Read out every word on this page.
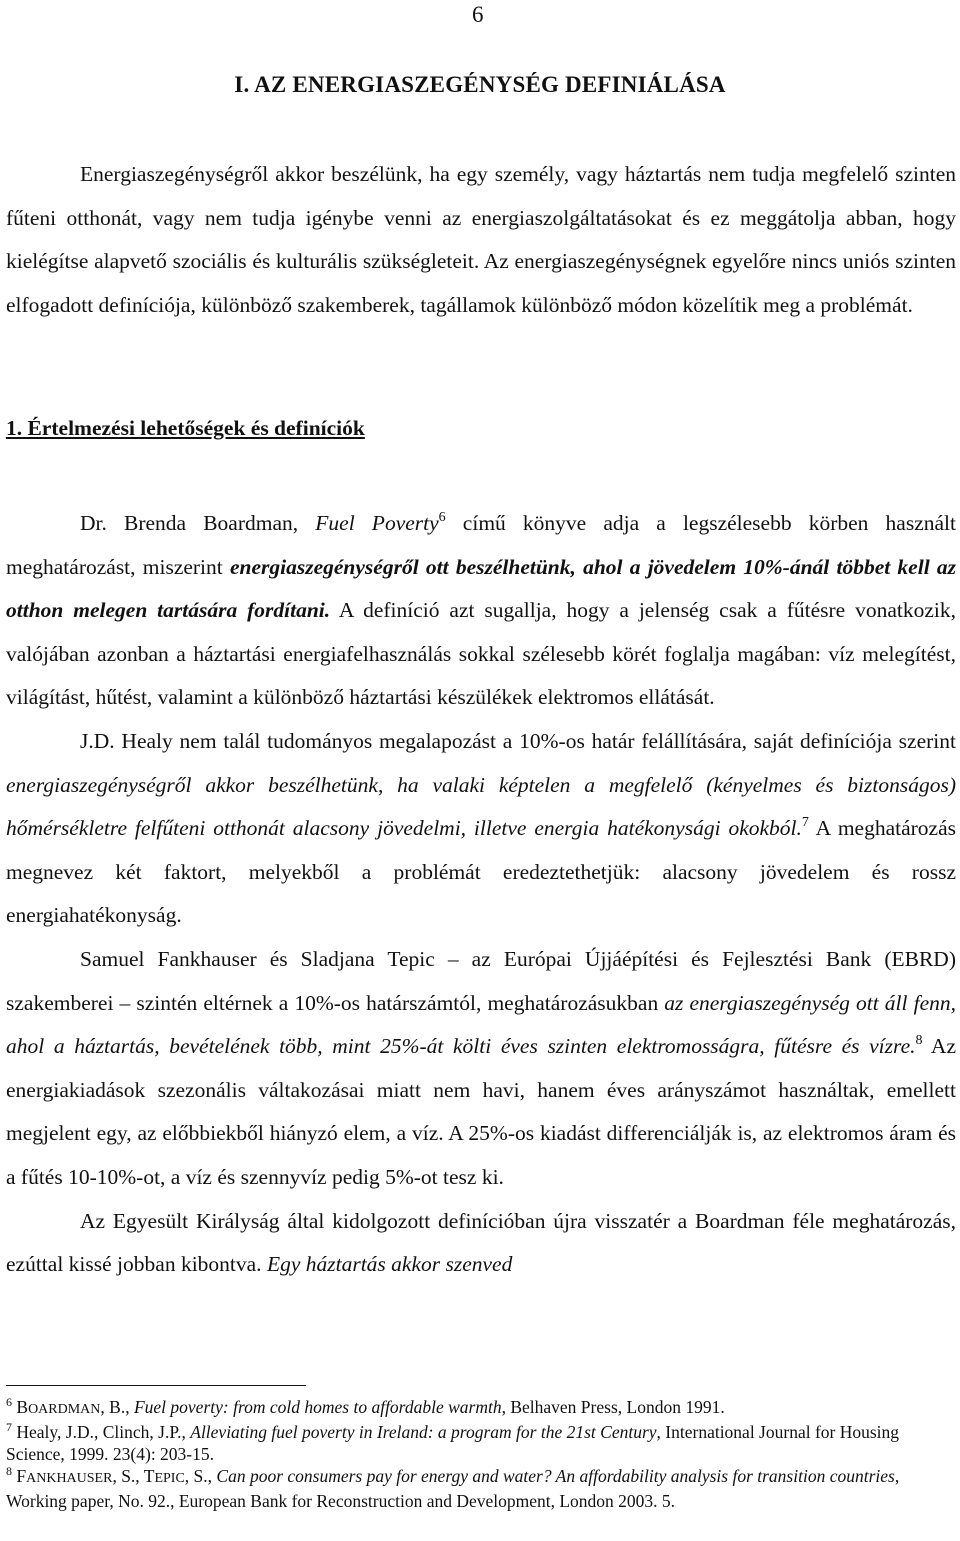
6
I. AZ ENERGIASZEGÉNYSÉG DEFINIÁLÁSA

Energiaszegénységről akkor beszélünk, ha egy személy, vagy háztartás nem tudja megfelelő szinten fűteni otthonát, vagy nem tudja igénybe venni az energiaszolgáltatásokat és ez meggátolja abban, hogy kielégítse alapvető szociális és kulturális szükségleteit. Az energiaszegénységnek egyelőre nincs uniós szinten elfogadott definíciója, különböző szakemberek, tagállamok különböző módon közelítik meg a problémát.

1. Értelmezési lehetőségek és definíciók

Dr. Brenda Boardman, Fuel Poverty$^6$ című könyve adja a legszélesebb körben használt meghatározást, miszerint energiaszegénységről ott beszélhetünk, ahol a jövedelem 10%-ánál többet kell az otthon melegen tartására fordítani. A definíció azt sugallja, hogy a jelenség csak a fűtésre vonatkozik, valójában azonban a háztartási energiafelhasználás sokkal szélesebb körét foglalja magában: víz melegítést, világítást, hűtést, valamint a különböző háztartási készülékek elektromos ellátását.

J.D. Healy nem talál tudományos megalapozást a 10%-os határ felállítására, saját definíciója szerint energiaszegénységről akkor beszélhetünk, ha valaki képtelen a megfelelő (kényelmes és biztonságos) hőmérsékletre felfűteni otthonát alacsony jövedelmi, illetve energia hatékonysági okokból.$^7$ A meghatározás megnevez két faktort, melyekből a problémát eredeztethetjük: alacsony jövedelem és rossz energiahatékonyság.

Samuel Fankhauser és Sladjana Tepic – az Európai Újjáépítési és Fejlesztési Bank (EBRD) szakemberei – szintén eltérnek a 10%-os határszámtól, meghatározásukban az energiaszegénység ott áll fenn, ahol a háztartás, bevételének több, mint 25%-át költi éves szinten elektromosságra, fűtésre és vízre.$^8$ Az energiakiadások szezonális váltakozásai miatt nem havi, hanem éves arányszámot használtak, emellett megjelent egy, az előbbiekből hiányzó elem, a víz. A 25%-os kiadást differenciálják is, az elektromos áram és a fűtés 10-10%-ot, a víz és szennyvíz pedig 5%-ot tesz ki.

Az Egyesült Királyság által kidolgozott definícióban újra visszatér a Boardman féle meghatározás, ezúttal kissé jobban kibontva. Egy háztartás akkor szenved

$^6$ BOARDMAN, B., Fuel poverty: from cold homes to affordable warmth, Belhaven Press, London 1991.
$^7$ Healy, J.D., Clinch, J.P., Alleviating fuel poverty in Ireland: a program for the 21st Century, International Journal for Housing Science, 1999. 23(4): 203-15.
$^8$ FANKHAUSER, S., TEPIC, S., Can poor consumers pay for energy and water? An affordability analysis for transition countries, Working paper, No. 92., European Bank for Reconstruction and Development, London 2003. 5.
